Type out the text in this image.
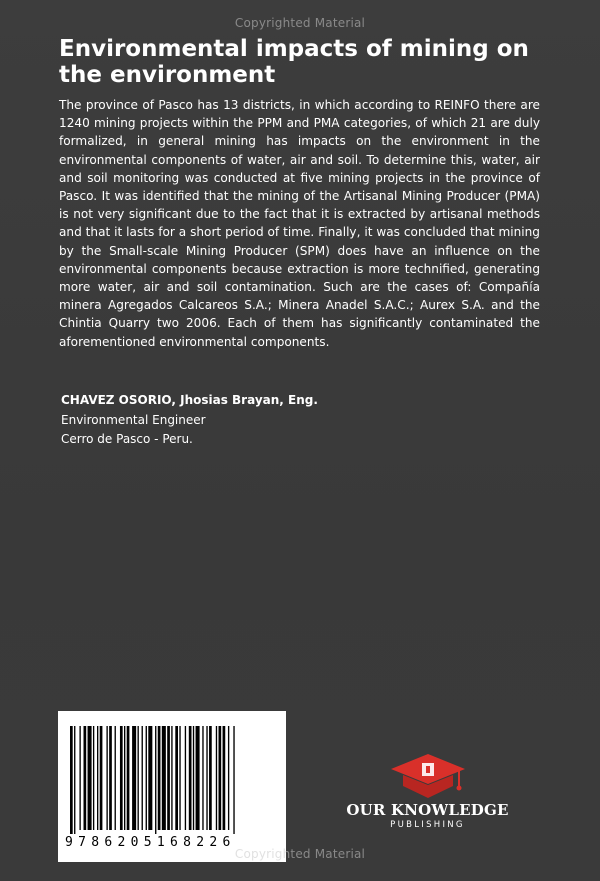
Copyrighted Material
Environmental impacts of mining on the environment

The province of Pasco has 13 districts, in which according to REINFO there are 1240 mining projects within the PPM and PMA categories, of which 21 are duly formalized, in general mining has impacts on the environment in the environmental components of water, air and soil. To determine this, water, air and soil monitoring was conducted at five mining projects in the province of Pasco. It was identified that the mining of the Artisanal Mining Producer (PMA) is not very significant due to the fact that it is extracted by artisanal methods and that it lasts for a short period of time. Finally, it was concluded that mining by the Small-scale Mining Producer (SPM) does have an influence on the environmental components because extraction is more technified, generating more water, air and soil contamination. Such are the cases of: Compañía minera Agregados Calcareos S.A.; Minera Anadel S.A.C.; Aurex S.A. and the Chintia Quarry two 2006. Each of them has significantly contaminated the aforementioned environmental components.

CHAVEZ OSORIO, Jhosias Brayan, Eng.
Environmental Engineer
Cerro de Pasco - Peru.
9786205168226
OUR KNOWLEDGE
PUBLISHING
Copyrighted Material
